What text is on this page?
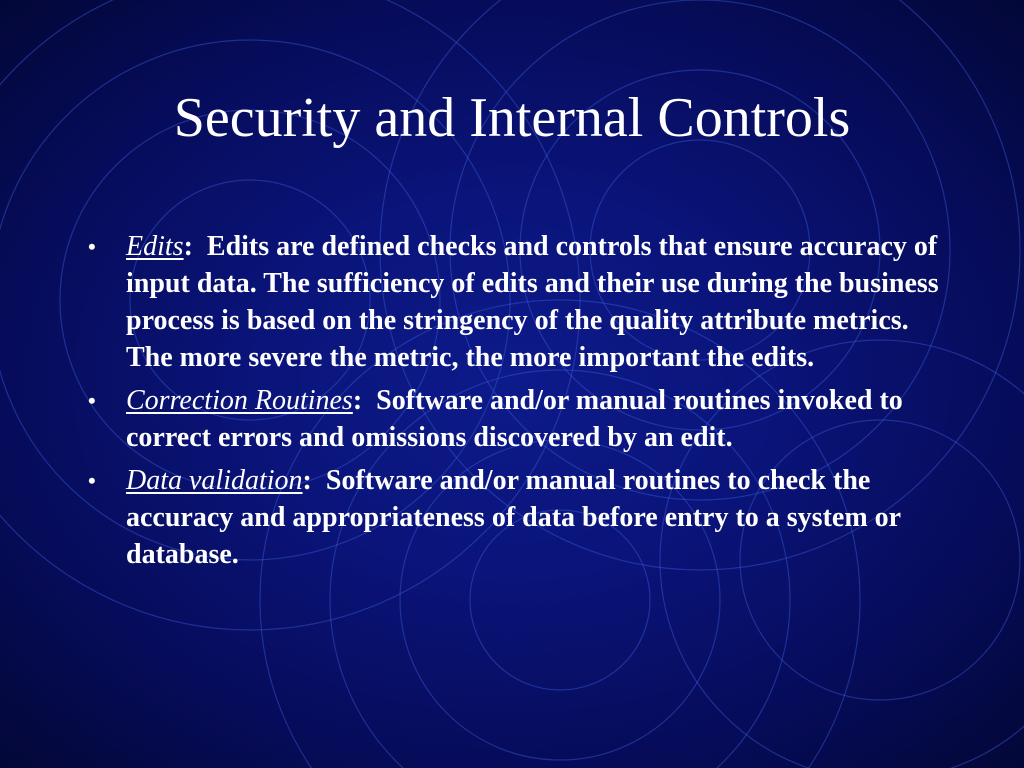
Security and Internal Controls
• Edits: Edits are defined checks and controls that ensure accuracy of input data. The sufficiency of edits and their use during the business process is based on the stringency of the quality attribute metrics. The more severe the metric, the more important the edits.
• Correction Routines: Software and/or manual routines invoked to correct errors and omissions discovered by an edit.
• Data validation: Software and/or manual routines to check the accuracy and appropriateness of data before entry to a system or database.
